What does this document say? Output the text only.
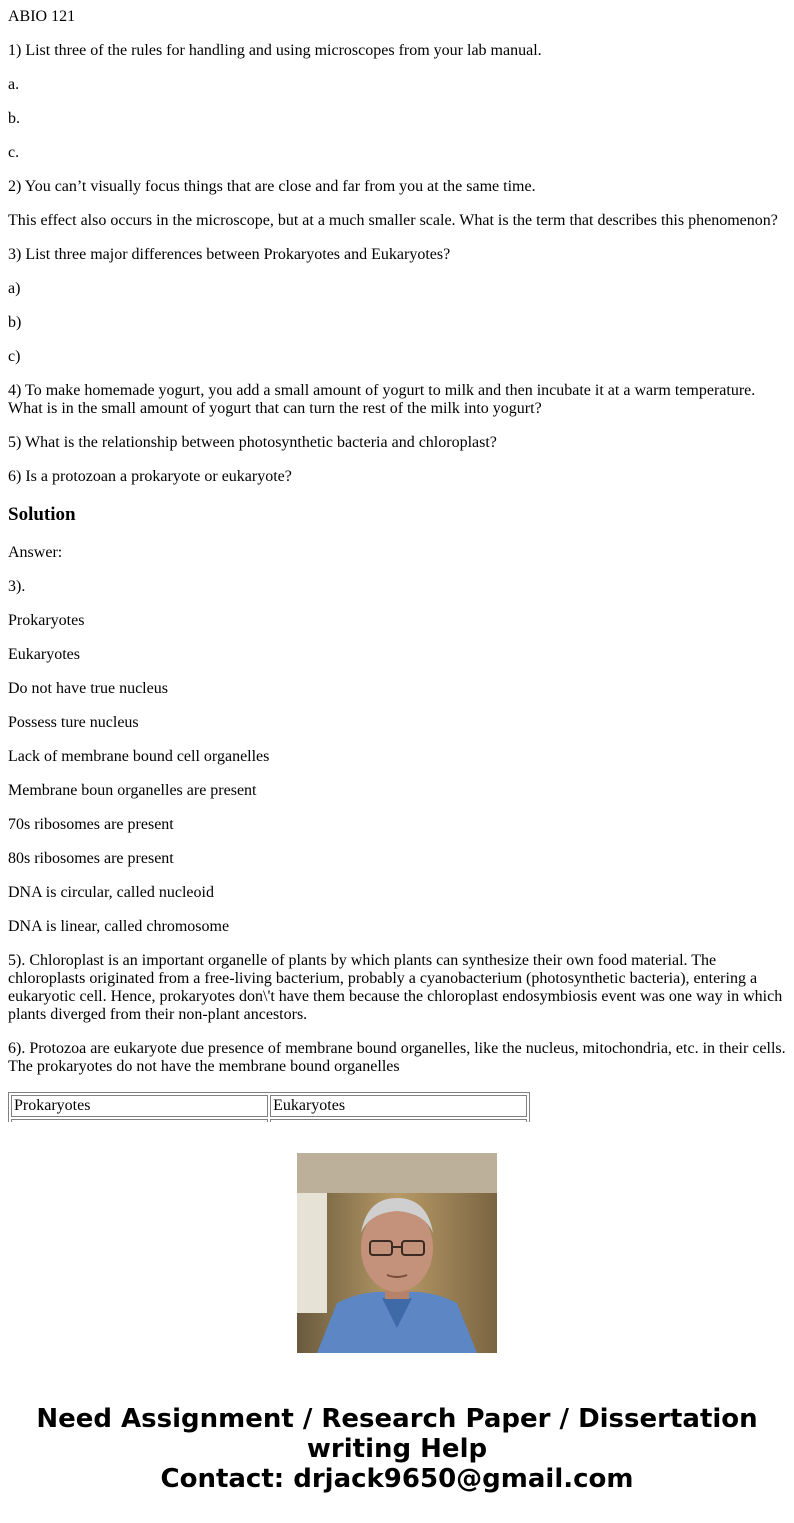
ABIO 121

1) List three of the rules for handling and using microscopes from your lab manual.

a.

b.

c.

2) You can’t visually focus things that are close and far from you at the same time.

This effect also occurs in the microscope, but at a much smaller scale. What is the term that describes this phenomenon?

3) List three major differences between Prokaryotes and Eukaryotes?

a)

b)

c)

4) To make homemade yogurt, you add a small amount of yogurt to milk and then incubate it at a warm temperature. What is in the small amount of yogurt that can turn the rest of the milk into yogurt?

5) What is the relationship between photosynthetic bacteria and chloroplast?

6) Is a protozoan a prokaryote or eukaryote?

Solution

Answer:

3).

Prokaryotes

Eukaryotes

Do not have true nucleus

Possess ture nucleus

Lack of membrane bound cell organelles

Membrane boun organelles are present

70s ribosomes are present

80s ribosomes are present

DNA is circular, called nucleoid

DNA is linear, called chromosome

5). Chloroplast is an important organelle of plants by which plants can synthesize their own food material. The chloroplasts originated from a free-living bacterium, probably a cyanobacterium (photosynthetic bacteria), entering a eukaryotic cell. Hence, prokaryotes don\'t have them because the chloroplast endosymbiosis event was one way in which plants diverged from their non-plant ancestors.

6). Protozoa are eukaryote due presence of membrane bound organelles, like the nucleus, mitochondria, etc. in their cells. The prokaryotes do not have the membrane bound organelles

Prokaryotes	Eukaryotes

Need Assignment / Research Paper / Dissertation
writing Help
Contact: drjack9650@gmail.com
